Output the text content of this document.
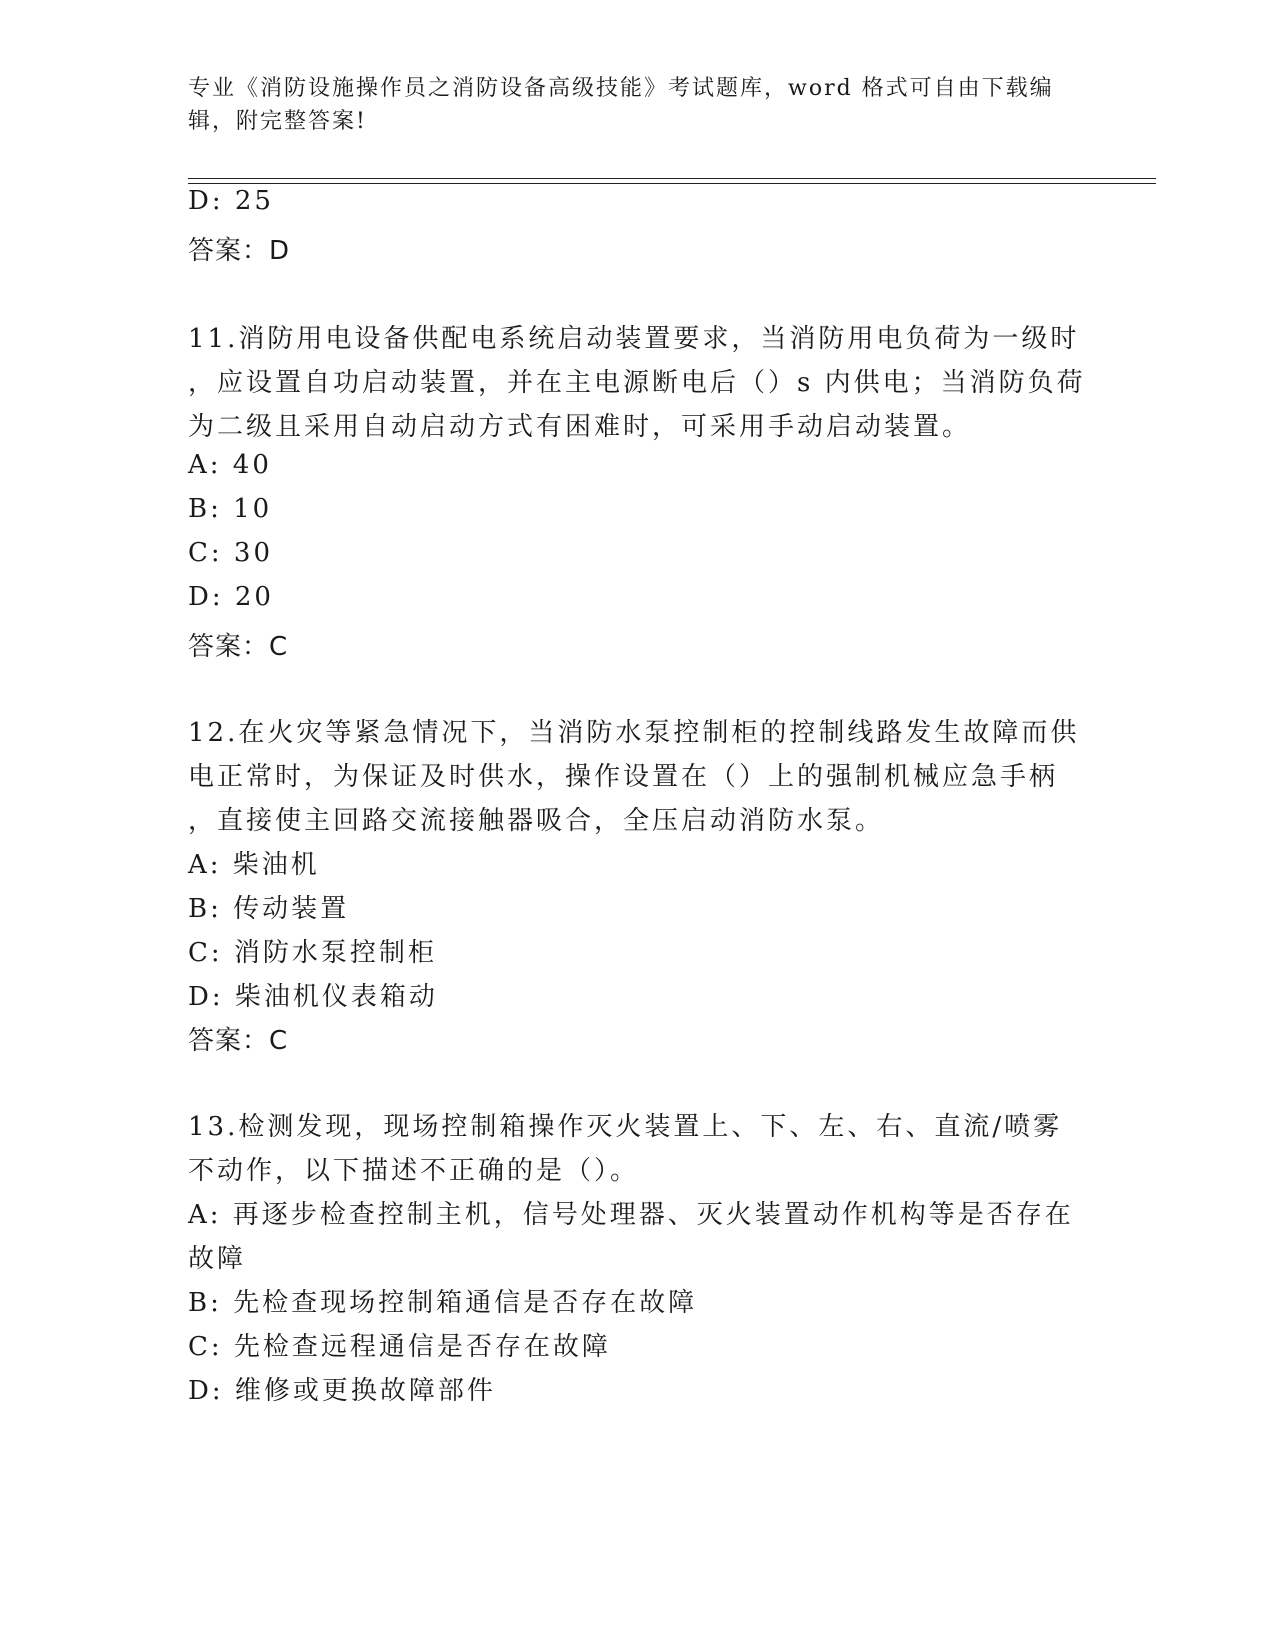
专业《消防设施操作员之消防设备高级技能》考试题库，word 格式可自由下载编
辑，附完整答案!
D: 25
答案：D
11.消防用电设备供配电系统启动装置要求，当消防用电负荷为一级时
，应设置自功启动装置，并在主电源断电后（）s 内供电；当消防负荷
为二级且采用自动启动方式有困难时，可采用手动启动装置。
A: 40
B: 10
C: 30
D: 20
答案：C
12.在火灾等紧急情况下，当消防水泵控制柜的控制线路发生故障而供
电正常时，为保证及时供水，操作设置在（）上的强制机械应急手柄
，直接使主回路交流接触器吸合，全压启动消防水泵。
A: 柴油机
B: 传动装置
C: 消防水泵控制柜
D: 柴油机仪表箱动
答案：C
13.检测发现，现场控制箱操作灭火装置上、下、左、右、直流/喷雾
不动作，以下描述不正确的是（）。
A: 再逐步检查控制主机，信号处理器、灭火装置动作机构等是否存在
故障
B: 先检查现场控制箱通信是否存在故障
C: 先检查远程通信是否存在故障
D: 维修或更换故障部件
